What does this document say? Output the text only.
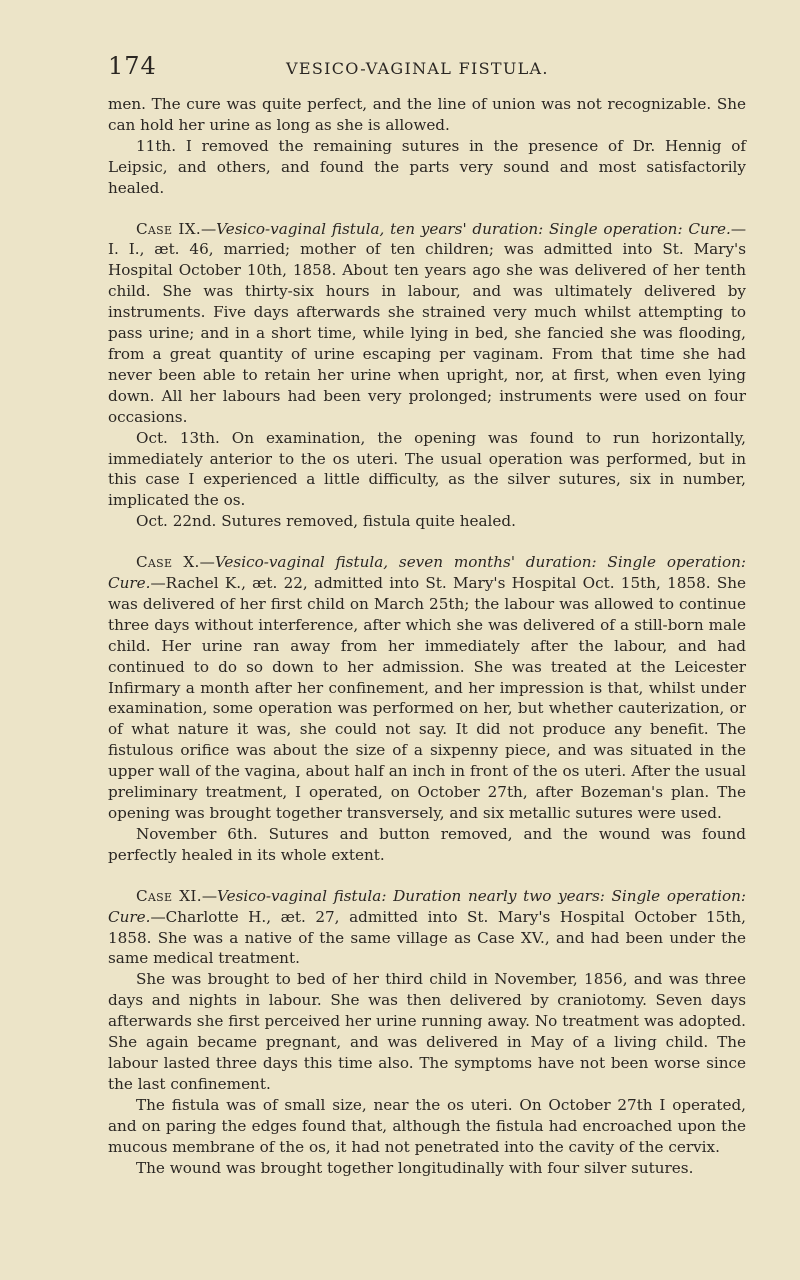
174	VESICO-VAGINAL FISTULA.

men. The cure was quite perfect, and the line of union was not recognizable. She can hold her urine as long as she is allowed.

11th. I removed the remaining sutures in the presence of Dr. Hennig of Leipsic, and others, and found the parts very sound and most satisfactorily healed.

Case IX.—Vesico-vaginal fistula, ten years' duration: Single operation: Cure.—I. I., æt. 46, married; mother of ten children; was admitted into St. Mary's Hospital October 10th, 1858. About ten years ago she was delivered of her tenth child. She was thirty-six hours in labour, and was ultimately delivered by instruments. Five days afterwards she strained very much whilst attempting to pass urine; and in a short time, while lying in bed, she fancied she was flooding, from a great quantity of urine escaping per vaginam. From that time she had never been able to retain her urine when upright, nor, at first, when even lying down. All her labours had been very prolonged; instruments were used on four occasions.

Oct. 13th. On examination, the opening was found to run horizontally, immediately anterior to the os uteri. The usual operation was performed, but in this case I experienced a little difficulty, as the silver sutures, six in number, implicated the os.

Oct. 22nd. Sutures removed, fistula quite healed.

Case X.—Vesico-vaginal fistula, seven months' duration: Single operation: Cure.—Rachel K., æt. 22, admitted into St. Mary's Hospital Oct. 15th, 1858. She was delivered of her first child on March 25th; the labour was allowed to continue three days without interference, after which she was delivered of a still-born male child. Her urine ran away from her immediately after the labour, and had continued to do so down to her admission. She was treated at the Leicester Infirmary a month after her confinement, and her impression is that, whilst under examination, some operation was performed on her, but whether cauterization, or of what nature it was, she could not say. It did not produce any benefit. The fistulous orifice was about the size of a sixpenny piece, and was situated in the upper wall of the vagina, about half an inch in front of the os uteri. After the usual preliminary treatment, I operated, on October 27th, after Bozeman's plan. The opening was brought together transversely, and six metallic sutures were used.

November 6th. Sutures and button removed, and the wound was found perfectly healed in its whole extent.

Case XI.—Vesico-vaginal fistula: Duration nearly two years: Single operation: Cure.—Charlotte H., æt. 27, admitted into St. Mary's Hospital October 15th, 1858. She was a native of the same village as Case XV., and had been under the same medical treatment.

She was brought to bed of her third child in November, 1856, and was three days and nights in labour. She was then delivered by craniotomy. Seven days afterwards she first perceived her urine running away. No treatment was adopted. She again became pregnant, and was delivered in May of a living child. The labour lasted three days this time also. The symptoms have not been worse since the last confinement.

The fistula was of small size, near the os uteri. On October 27th I operated, and on paring the edges found that, although the fistula had encroached upon the mucous membrane of the os, it had not penetrated into the cavity of the cervix.

The wound was brought together longitudinally with four silver sutures.
